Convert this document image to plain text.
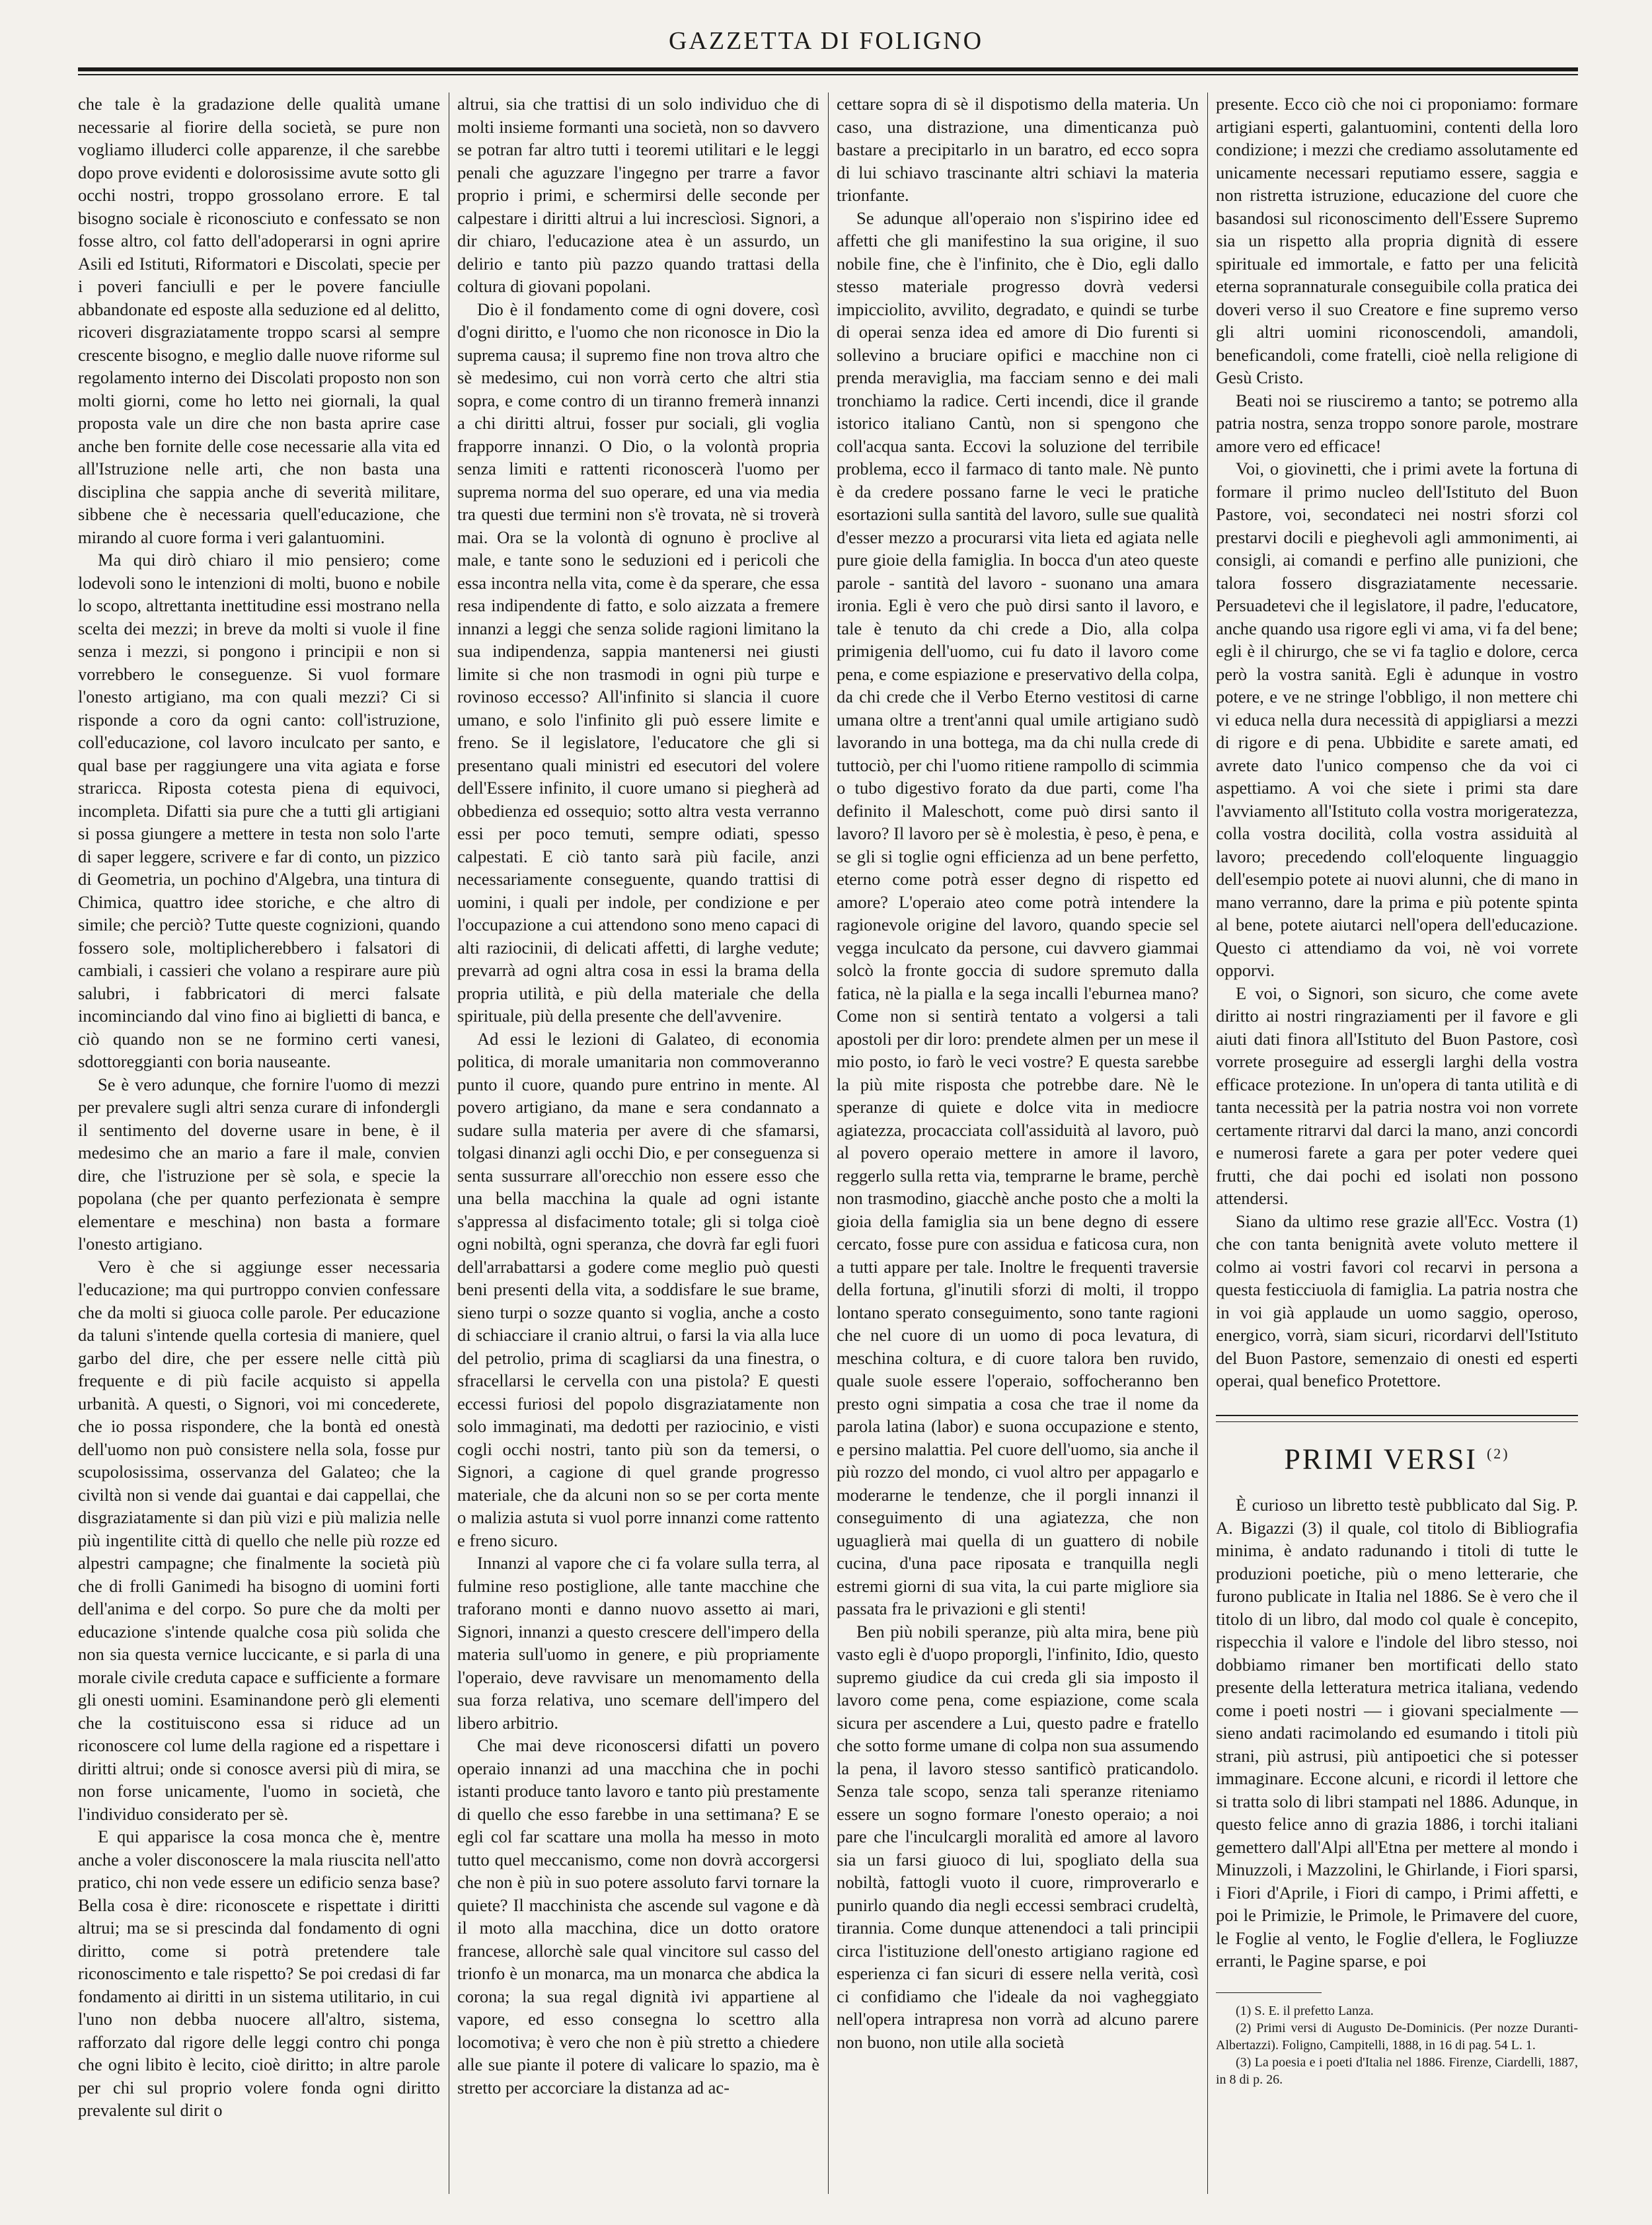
GAZZETTA DI FOLIGNO

che tale è la gradazione delle qualità umane necessarie al fiorire della società, se pure non vogliamo illuderci colle apparenze, il che sarebbe dopo prove evidenti e dolorosissime avute sotto gli occhi nostri, troppo grossolano errore. E tal bisogno sociale è riconosciuto e confessato se non fosse altro, col fatto dell'adoperarsi in ogni aprire Asili ed Istituti, Riformatori e Discolati, specie per i poveri fanciulli e per le povere fanciulle abbandonate ed esposte alla seduzione ed al delitto, ricoveri disgraziatamente troppo scarsi al sempre crescente bisogno, e meglio dalle nuove riforme sul regolamento interno dei Discolati proposto non son molti giorni, come ho letto nei giornali, la qual proposta vale un dire che non basta aprire case anche ben fornite delle cose necessarie alla vita ed all'Istruzione nelle arti, che non basta una disciplina che sappia anche di severità militare, sibbene che è necessaria quell'educazione, che mirando al cuore forma i veri galantuomini.

Ma qui dirò chiaro il mio pensiero; come lodevoli sono le intenzioni di molti, buono e nobile lo scopo, altrettanta inettitudine essi mostrano nella scelta dei mezzi; in breve da molti si vuole il fine senza i mezzi, si pongono i principii e non si vorrebbero le conseguenze. Si vuol formare l'onesto artigiano, ma con quali mezzi? Ci si risponde a coro da ogni canto: coll'istruzione, coll'educazione, col lavoro inculcato per santo, e qual base per raggiungere una vita agiata e forse straricca. Riposta cotesta piena di equivoci, incompleta. Difatti sia pure che a tutti gli artigiani si possa giungere a mettere in testa non solo l'arte di saper leggere, scrivere e far di conto, un pizzico di Geometria, un pochino d'Algebra, una tintura di Chimica, quattro idee storiche, e che altro di simile; che perciò? Tutte queste cognizioni, quando fossero sole, moltiplicherebbero i falsatori di cambiali, i cassieri che volano a respirare aure più salubri, i fabbricatori di merci falsate incominciando dal vino fino ai biglietti di banca, e ciò quando non se ne formino certi vanesi, sdottoreggianti con boria nauseante.

Se è vero adunque, che fornire l'uomo di mezzi per prevalere sugli altri senza curare di infondergli il sentimento del doverne usare in bene, è il medesimo che an mario a fare il male, convien dire, che l'istruzione per sè sola, e specie la popolana (che per quanto perfezionata è sempre elementare e meschina) non basta a formare l'onesto artigiano.

Vero è che si aggiunge esser necessaria l'educazione; ma qui purtroppo convien confessare che da molti si giuoca colle parole. Per educazione da taluni s'intende quella cortesia di maniere, quel garbo del dire, che per essere nelle città più frequente e di più facile acquisto si appella urbanità. A questi, o Signori, voi mi concederete, che io possa rispondere, che la bontà ed onestà dell'uomo non può consistere nella sola, fosse pur scupolosissima, osservanza del Galateo; che la civiltà non si vende dai guantai e dai cappellai, che disgraziatamente si dan più vizi e più malizia nelle più ingentilite città di quello che nelle più rozze ed alpestri campagne; che finalmente la società più che di frolli Ganimedi ha bisogno di uomini forti dell'anima e del corpo. So pure che da molti per educazione s'intende qualche cosa più solida che non sia questa vernice luccicante, e si parla di una morale civile creduta capace e sufficiente a formare gli onesti uomini. Esaminandone però gli elementi che la costituiscono essa si riduce ad un riconoscere col lume della ragione ed a rispettare i diritti altrui; onde si conosce aversi più di mira, se non forse unicamente, l'uomo in società, che l'individuo considerato per sè.

E qui apparisce la cosa monca che è, mentre anche a voler disconoscere la mala riuscita nell'atto pratico, chi non vede essere un edificio senza base? Bella cosa è dire: riconoscete e rispettate i diritti altrui; ma se si prescinda dal fondamento di ogni diritto, come si potrà pretendere tale riconoscimento e tale rispetto? Se poi credasi di far fondamento ai diritti in un sistema utilitario, in cui l'uno non debba nuocere all'altro, sistema, rafforzato dal rigore delle leggi contro chi ponga che ogni libito è lecito, cioè diritto; in altre parole per chi sul proprio volere fonda ogni diritto prevalente sul dirit o

altrui, sia che trattisi di un solo individuo che di molti insieme formanti una società, non so davvero se potran far altro tutti i teoremi utilitari e le leggi penali che aguzzare l'ingegno per trarre a favor proprio i primi, e schermirsi delle seconde per calpestare i diritti altrui a lui increscìosi. Signori, a dir chiaro, l'educazione atea è un assurdo, un delirio e tanto più pazzo quando trattasi della coltura di giovani popolani.

Dio è il fondamento come di ogni dovere, così d'ogni diritto, e l'uomo che non riconosce in Dio la suprema causa; il supremo fine non trova altro che sè medesimo, cui non vorrà certo che altri stia sopra, e come contro di un tiranno fremerà innanzi a chi diritti altrui, fosser pur sociali, gli voglia frapporre innanzi. O Dio, o la volontà propria senza limiti e rattenti riconoscerà l'uomo per suprema norma del suo operare, ed una via media tra questi due termini non s'è trovata, nè si troverà mai. Ora se la volontà di ognuno è proclive al male, e tante sono le seduzioni ed i pericoli che essa incontra nella vita, come è da sperare, che essa resa indipendente di fatto, e solo aizzata a fremere innanzi a leggi che senza solide ragioni limitano la sua indipendenza, sappia mantenersi nei giusti limite si che non trasmodi in ogni più turpe e rovinoso eccesso? All'infinito si slancia il cuore umano, e solo l'infinito gli può essere limite e freno. Se il legislatore, l'educatore che gli si presentano quali ministri ed esecutori del volere dell'Essere infinito, il cuore umano si piegherà ad obbedienza ed ossequio; sotto altra vesta verranno essi per poco temuti, sempre odiati, spesso calpestati. E ciò tanto sarà più facile, anzi necessariamente conseguente, quando trattisi di uomini, i quali per indole, per condizione e per l'occupazione a cui attendono sono meno capaci di alti raziocinii, di delicati affetti, di larghe vedute; prevarrà ad ogni altra cosa in essi la brama della propria utilità, e più della materiale che della spirituale, più della presente che dell'avvenire.

Ad essi le lezioni di Galateo, di economia politica, di morale umanitaria non commoveranno punto il cuore, quando pure entrino in mente. Al povero artigiano, da mane e sera condannato a sudare sulla materia per avere di che sfamarsi, tolgasi dinanzi agli occhi Dio, e per conseguenza si senta sussurrare all'orecchio non essere esso che una bella macchina la quale ad ogni istante s'appressa al disfacimento totale; gli si tolga cioè ogni nobiltà, ogni speranza, che dovrà far egli fuori dell'arrabattarsi a godere come meglio può questi beni presenti della vita, a soddisfare le sue brame, sieno turpi o sozze quanto si voglia, anche a costo di schiacciare il cranio altrui, o farsi la via alla luce del petrolio, prima di scagliarsi da una finestra, o sfracellarsi le cervella con una pistola? E questi eccessi furiosi del popolo disgraziatamente non solo immaginati, ma dedotti per raziocinio, e visti cogli occhi nostri, tanto più son da temersi, o Signori, a cagione di quel grande progresso materiale, che da alcuni non so se per corta mente o malizia astuta si vuol porre innanzi come rattento e freno sicuro.

Innanzi al vapore che ci fa volare sulla terra, al fulmine reso postiglione, alle tante macchine che traforano monti e danno nuovo assetto ai mari, Signori, innanzi a questo crescere dell'impero della materia sull'uomo in genere, e più propriamente l'operaio, deve ravvisare un menomamento della sua forza relativa, uno scemare dell'impero del libero arbitrio.

Che mai deve riconoscersi difatti un povero operaio innanzi ad una macchina che in pochi istanti produce tanto lavoro e tanto più prestamente di quello che esso farebbe in una settimana? E se egli col far scattare una molla ha messo in moto tutto quel meccanismo, come non dovrà accorgersi che non è più in suo potere assoluto farvi tornare la quiete? Il macchinista che ascende sul vagone e dà il moto alla macchina, dice un dotto oratore francese, allorchè sale qual vincitore sul casso del trionfo è un monarca, ma un monarca che abdica la corona; la sua regal dignità ivi appartiene al vapore, ed esso consegna lo scettro alla locomotiva; è vero che non è più stretto a chiedere alle sue piante il potere di valicare lo spazio, ma è stretto per accorciare la distanza ad ac-

cettare sopra di sè il dispotismo della materia. Un caso, una distrazione, una dimenticanza può bastare a precipitarlo in un baratro, ed ecco sopra di lui schiavo trascinante altri schiavi la materia trionfante.

Se adunque all'operaio non s'ispirino idee ed affetti che gli manifestino la sua origine, il suo nobile fine, che è l'infinito, che è Dio, egli dallo stesso materiale progresso dovrà vedersi impicciolito, avvilito, degradato, e quindi se turbe di operai senza idea ed amore di Dio furenti si sollevino a bruciare opifici e macchine non ci prenda meraviglia, ma facciam senno e dei mali tronchiamo la radice. Certi incendi, dice il grande istorico italiano Cantù, non si spengono che coll'acqua santa. Eccovi la soluzione del terribile problema, ecco il farmaco di tanto male. Nè punto è da credere possano farne le veci le pratiche esortazioni sulla santità del lavoro, sulle sue qualità d'esser mezzo a procurarsi vita lieta ed agiata nelle pure gioie della famiglia. In bocca d'un ateo queste parole - santità del lavoro - suonano una amara ironia. Egli è vero che può dirsi santo il lavoro, e tale è tenuto da chi crede a Dio, alla colpa primigenia dell'uomo, cui fu dato il lavoro come pena, e come espiazione e preservativo della colpa, da chi crede che il Verbo Eterno vestitosi di carne umana oltre a trent'anni qual umile artigiano sudò lavorando in una bottega, ma da chi nulla crede di tuttociò, per chi l'uomo ritiene rampollo di scimmia o tubo digestivo forato da due parti, come l'ha definito il Maleschott, come può dirsi santo il lavoro? Il lavoro per sè è molestia, è peso, è pena, e se gli si toglie ogni efficienza ad un bene perfetto, eterno come potrà esser degno di rispetto ed amore? L'operaio ateo come potrà intendere la ragionevole origine del lavoro, quando specie sel vegga inculcato da persone, cui davvero giammai solcò la fronte goccia di sudore spremuto dalla fatica, nè la pialla e la sega incalli l'eburnea mano? Come non si sentirà tentato a volgersi a tali apostoli per dir loro: prendete almen per un mese il mio posto, io farò le veci vostre? E questa sarebbe la più mite risposta che potrebbe dare. Nè le speranze di quiete e dolce vita in mediocre agiatezza, procacciata coll'assiduità al lavoro, può al povero operaio mettere in amore il lavoro, reggerlo sulla retta via, temprarne le brame, perchè non trasmodino, giacchè anche posto che a molti la gioia della famiglia sia un bene degno di essere cercato, fosse pure con assidua e faticosa cura, non a tutti appare per tale. Inoltre le frequenti traversie della fortuna, gl'inutili sforzi di molti, il troppo lontano sperato conseguimento, sono tante ragioni che nel cuore di un uomo di poca levatura, di meschina coltura, e di cuore talora ben ruvido, quale suole essere l'operaio, soffocheranno ben presto ogni simpatia a cosa che trae il nome da parola latina (labor) e suona occupazione e stento, e persino malattia. Pel cuore dell'uomo, sia anche il più rozzo del mondo, ci vuol altro per appagarlo e moderarne le tendenze, che il porgli innanzi il conseguimento di una agiatezza, che non uguaglierà mai quella di un guattero di nobile cucina, d'una pace riposata e tranquilla negli estremi giorni di sua vita, la cui parte migliore sia passata fra le privazioni e gli stenti!

Ben più nobili speranze, più alta mira, bene più vasto egli è d'uopo proporgli, l'infinito, Idio, questo supremo giudice da cui creda gli sia imposto il lavoro come pena, come espiazione, come scala sicura per ascendere a Lui, questo padre e fratello che sotto forme umane di colpa non sua assumendo la pena, il lavoro stesso santificò praticandolo. Senza tale scopo, senza tali speranze riteniamo essere un sogno formare l'onesto operaio; a noi pare che l'inculcargli moralità ed amore al lavoro sia un farsi giuoco di lui, spogliato della sua nobiltà, fattogli vuoto il cuore, rimproverarlo e punirlo quando dia negli eccessi sembraci crudeltà, tirannia. Come dunque attenendoci a tali principii circa l'istituzione dell'onesto artigiano ragione ed esperienza ci fan sicuri di essere nella verità, così ci confidiamo che l'ideale da noi vagheggiato nell'opera intrapresa non vorrà ad alcuno parere non buono, non utile alla società

presente. Ecco ciò che noi ci proponiamo: formare artigiani esperti, galantuomini, contenti della loro condizione; i mezzi che crediamo assolutamente ed unicamente necessari reputiamo essere, saggia e non ristretta istruzione, educazione del cuore che basandosi sul riconoscimento dell'Essere Supremo sia un rispetto alla propria dignità di essere spirituale ed immortale, e fatto per una felicità eterna soprannaturale conseguibile colla pratica dei doveri verso il suo Creatore e fine supremo verso gli altri uomini riconoscendoli, amandoli, beneficandoli, come fratelli, cioè nella religione di Gesù Cristo.

Beati noi se riusciremo a tanto; se potremo alla patria nostra, senza troppo sonore parole, mostrare amore vero ed efficace!

Voi, o giovinetti, che i primi avete la fortuna di formare il primo nucleo dell'Istituto del Buon Pastore, voi, secondateci nei nostri sforzi col prestarvi docili e pieghevoli agli ammonimenti, ai consigli, ai comandi e perfino alle punizioni, che talora fossero disgraziatamente necessarie. Persuadetevi che il legislatore, il padre, l'educatore, anche quando usa rigore egli vi ama, vi fa del bene; egli è il chirurgo, che se vi fa taglio e dolore, cerca però la vostra sanità. Egli è adunque in vostro potere, e ve ne stringe l'obbligo, il non mettere chi vi educa nella dura necessità di appigliarsi a mezzi di rigore e di pena. Ubbidite e sarete amati, ed avrete dato l'unico compenso che da voi ci aspettiamo. A voi che siete i primi sta dare l'avviamento all'Istituto colla vostra morigeratezza, colla vostra docilità, colla vostra assiduità al lavoro; precedendo coll'eloquente linguaggio dell'esempio potete ai nuovi alunni, che di mano in mano verranno, dare la prima e più potente spinta al bene, potete aiutarci nell'opera dell'educazione. Questo ci attendiamo da voi, nè voi vorrete opporvi.

E voi, o Signori, son sicuro, che come avete diritto ai nostri ringraziamenti per il favore e gli aiuti dati finora all'Istituto del Buon Pastore, così vorrete proseguire ad essergli larghi della vostra efficace protezione. In un'opera di tanta utilità e di tanta necessità per la patria nostra voi non vorrete certamente ritrarvi dal darci la mano, anzi concordi e numerosi farete a gara per poter vedere quei frutti, che dai pochi ed isolati non possono attendersi.

Siano da ultimo rese grazie all'Ecc. Vostra (1) che con tanta benignità avete voluto mettere il colmo ai vostri favori col recarvi in persona a questa festicciuola di famiglia. La patria nostra che in voi già applaude un uomo saggio, operoso, energico, vorrà, siam sicuri, ricordarvi dell'Istituto del Buon Pastore, semenzaio di onesti ed esperti operai, qual benefico Protettore.

PRIMI VERSI $^{(2)}$

È curioso un libretto testè pubblicato dal Sig. P. A. Bigazzi (3) il quale, col titolo di Bibliografia minima, è andato radunando i titoli di tutte le produzioni poetiche, più o meno letterarie, che furono publicate in Italia nel 1886. Se è vero che il titolo di un libro, dal modo col quale è concepito, rispecchia il valore e l'indole del libro stesso, noi dobbiamo rimaner ben mortificati dello stato presente della letteratura metrica italiana, vedendo come i poeti nostri — i giovani specialmente — sieno andati racimolando ed esumando i titoli più strani, più astrusi, più antipoetici che si potesser immaginare. Eccone alcuni, e ricordi il lettore che si tratta solo di libri stampati nel 1886. Adunque, in questo felice anno di grazia 1886, i torchi italiani gemettero dall'Alpi all'Etna per mettere al mondo i Minuzzoli, i Mazzolini, le Ghirlande, i Fiori sparsi, i Fiori d'Aprile, i Fiori di campo, i Primi affetti, e poi le Primizie, le Primole, le Primavere del cuore, le Foglie al vento, le Foglie d'ellera, le Fogliuzze erranti, le Pagine sparse, e poi

(1) S. E. il prefetto Lanza.

(2) Primi versi di Augusto De-Dominicis. (Per nozze Duranti-Albertazzi). Foligno, Campitelli, 1888, in 16 di pag. 54 L. 1.

(3) La poesia e i poeti d'Italia nel 1886. Firenze, Ciardelli, 1887, in 8 di p. 26.
